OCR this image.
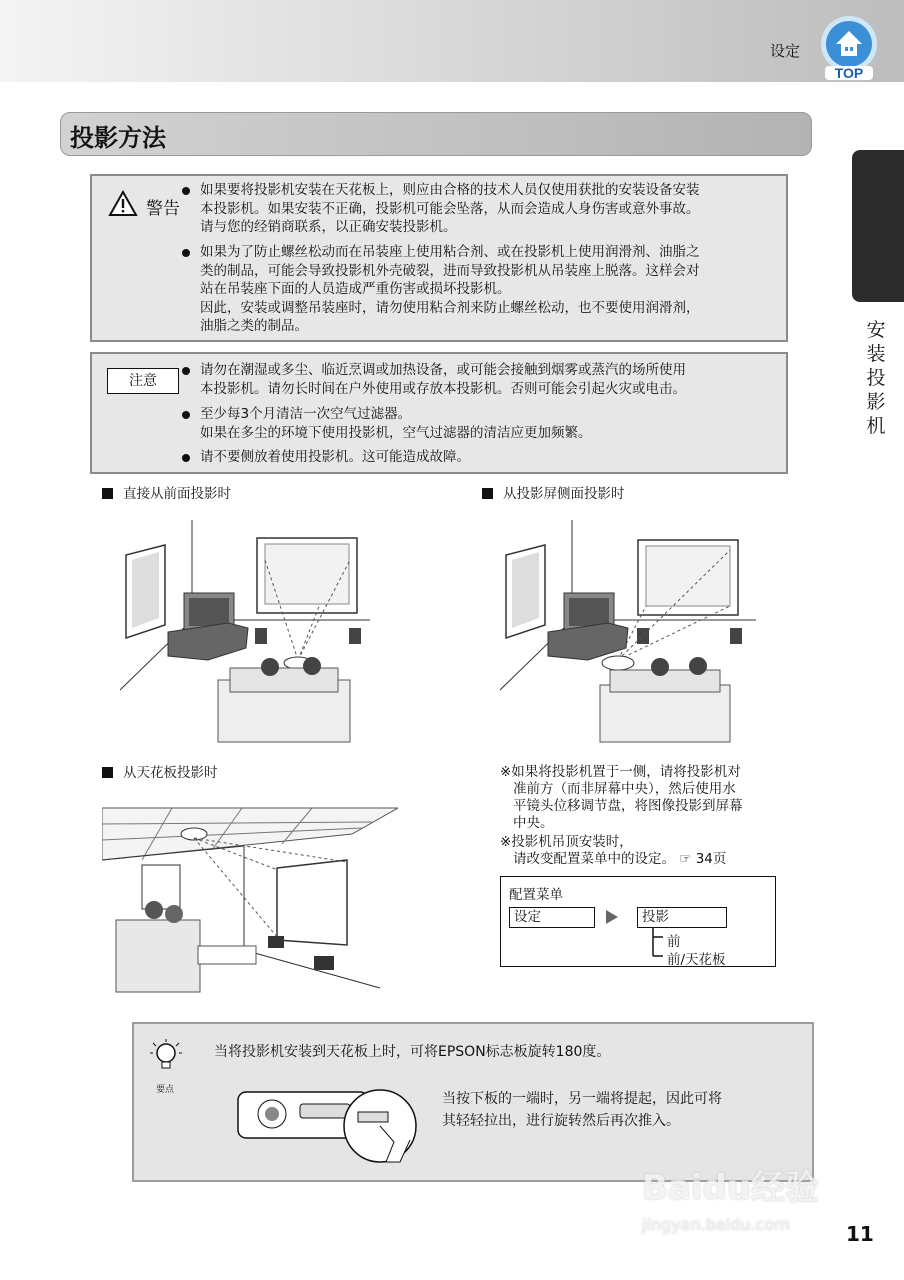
设定
TOP
投影方法
安装投影机
警告
如果要将投影机安装在天花板上，则应由合格的技术人员仅使用获批的安装设备安装
本投影机。如果安装不正确，投影机可能会坠落，从而会造成人身伤害或意外事故。
请与您的经销商联系，以正确安装投影机。
如果为了防止螺丝松动而在吊装座上使用粘合剂、或在投影机上使用润滑剂、油脂之
类的制品，可能会导致投影机外壳破裂，进而导致投影机从吊装座上脱落。这样会对
站在吊装座下面的人员造成严重伤害或损坏投影机。
因此，安装或调整吊装座时，请勿使用粘合剂来防止螺丝松动，也不要使用润滑剂，
油脂之类的制品。
注意
请勿在潮湿或多尘、临近烹调或加热设备，或可能会接触到烟雾或蒸汽的场所使用
本投影机。请勿长时间在户外使用或存放本投影机。否则可能会引起火灾或电击。
至少每3个月清洁一次空气过滤器。
如果在多尘的环境下使用投影机，空气过滤器的清洁应更加频繁。
请不要侧放着使用投影机。这可能造成故障。
直接从前面投影时	从投影屏侧面投影时
从天花板投影时	※如果将投影机置于一侧，请将投影机对
准前方（而非屏幕中央），然后使用水
平镜头位移调节盘，将图像投影到屏幕
中央。
※投影机吊顶安装时，
请改变配置菜单中的设定。 ☞ 34页
配置菜单
设定	投影
前
前/天花板
要点
当将投影机安装到天花板上时，可将EPSON标志板旋转180度。
当按下板的一端时，另一端将提起，因此可将
其轻轻拉出，进行旋转然后再次推入。
Baidu经验
jingyan.baidu.com	11
